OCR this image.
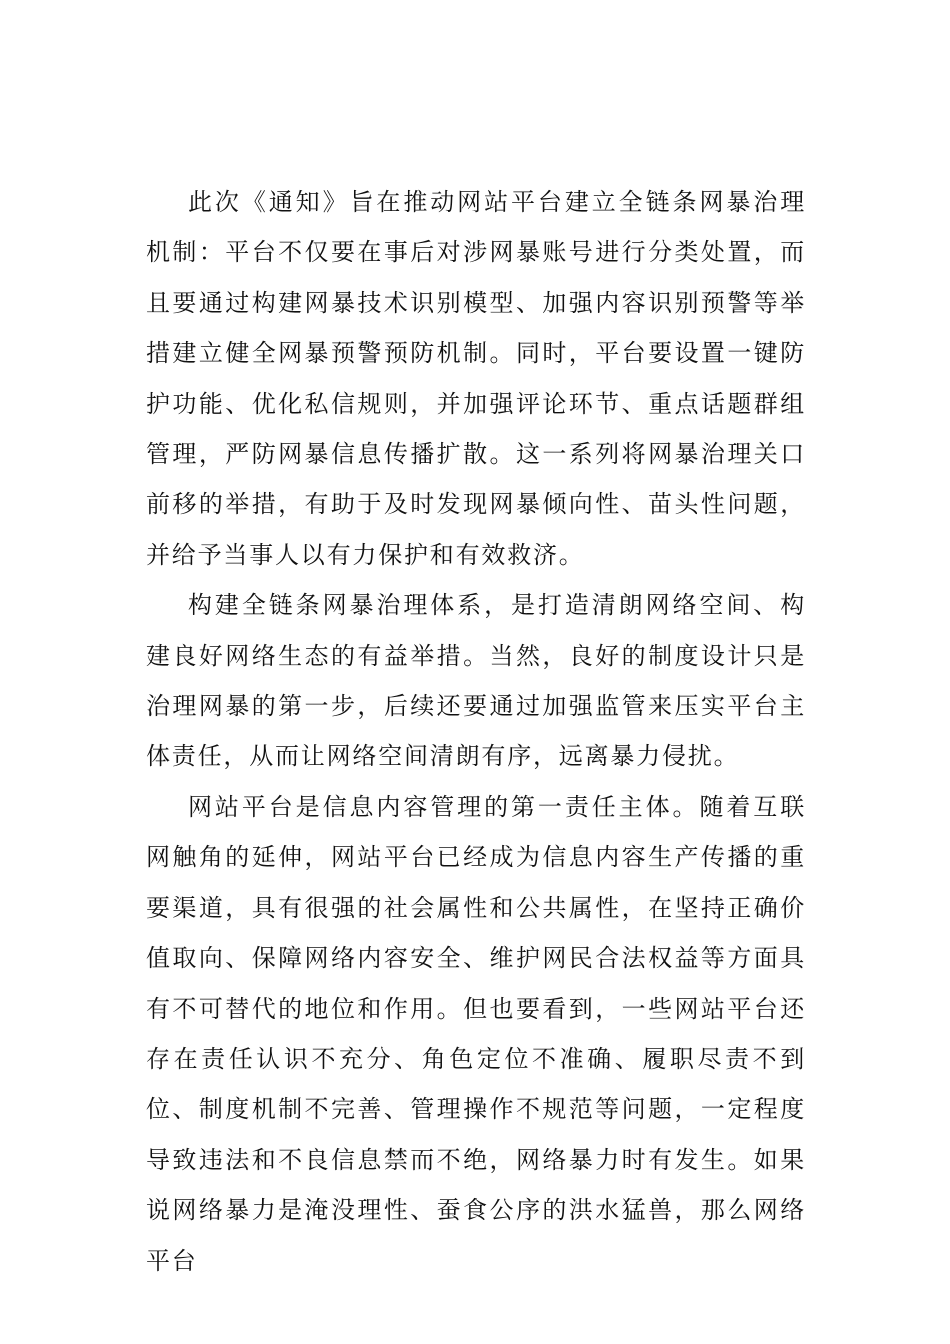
此次《通知》旨在推动网站平台建立全链条网暴治理机制：平台不仅要在事后对涉网暴账号进行分类处置，而且要通过构建网暴技术识别模型、加强内容识别预警等举措建立健全网暴预警预防机制。同时，平台要设置一键防护功能、优化私信规则，并加强评论环节、重点话题群组管理，严防网暴信息传播扩散。这一系列将网暴治理关口前移的举措，有助于及时发现网暴倾向性、苗头性问题，并给予当事人以有力保护和有效救济。

构建全链条网暴治理体系，是打造清朗网络空间、构建良好网络生态的有益举措。当然，良好的制度设计只是治理网暴的第一步，后续还要通过加强监管来压实平台主体责任，从而让网络空间清朗有序，远离暴力侵扰。

网站平台是信息内容管理的第一责任主体。随着互联网触角的延伸，网站平台已经成为信息内容生产传播的重要渠道，具有很强的社会属性和公共属性，在坚持正确价值取向、保障网络内容安全、维护网民合法权益等方面具有不可替代的地位和作用。但也要看到，一些网站平台还存在责任认识不充分、角色定位不准确、履职尽责不到位、制度机制不完善、管理操作不规范等问题，一定程度导致违法和不良信息禁而不绝，网络暴力时有发生。如果说网络暴力是淹没理性、蚕食公序的洪水猛兽，那么网络平台
